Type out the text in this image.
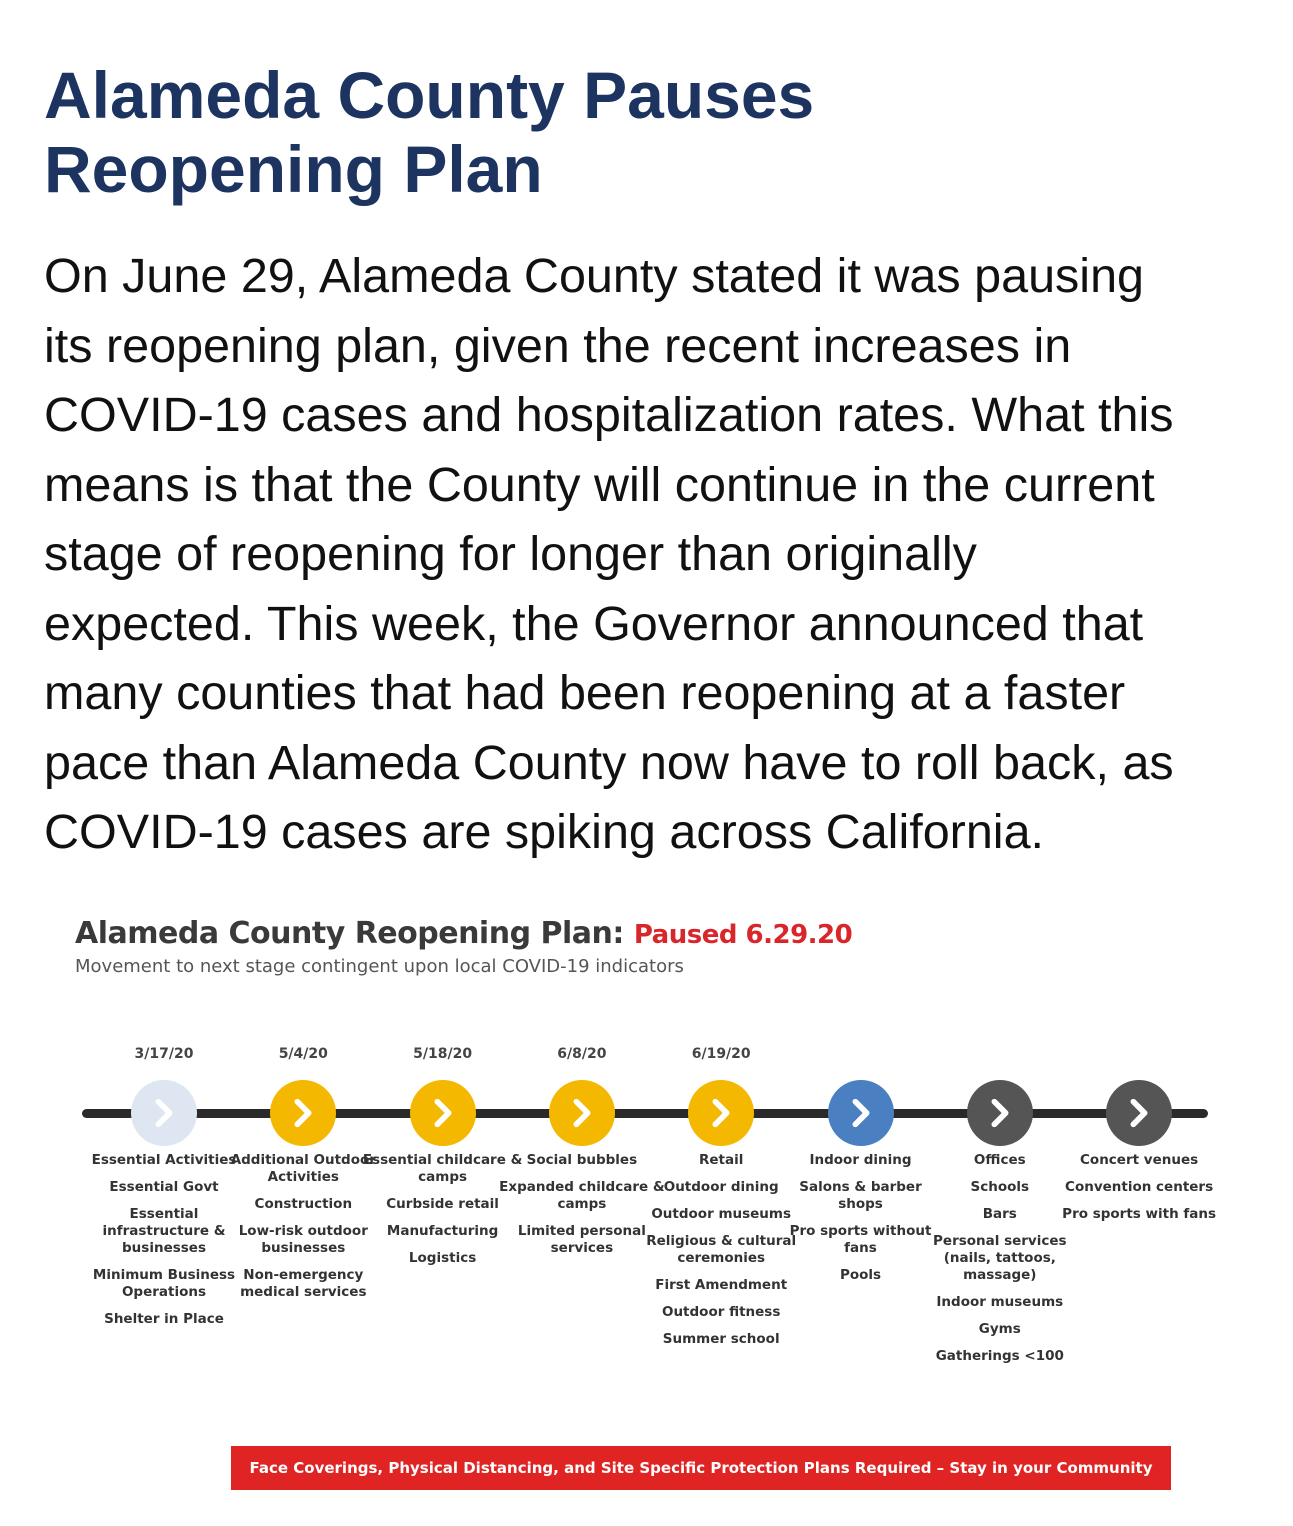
Alameda County Pauses
Reopening Plan
On June 29, Alameda County stated it was pausing
its reopening plan, given the recent increases in
COVID-19 cases and hospitalization rates. What this
means is that the County will continue in the current
stage of reopening for longer than originally
expected. This week, the Governor announced that
many counties that had been reopening at a faster
pace than Alameda County now have to roll back, as
COVID-19 cases are spiking across California.
Alameda County Reopening Plan: Paused 6.29.20
Movement to next stage contingent upon local COVID-19 indicators
3/17/20
Essential Activities
Essential Govt
Essential infrastructure & businesses
Minimum Business Operations
Shelter in Place
5/4/20
Additional Outdoor Activities
Construction
Low-risk outdoor businesses
Non-emergency medical services
5/18/20
Essential childcare & camps
Curbside retail
Manufacturing
Logistics
6/8/20
Social bubbles
Expanded childcare & camps
Limited personal services
6/19/20
Retail
Outdoor dining
Outdoor museums
Religious & cultural ceremonies
First Amendment
Outdoor fitness
Summer school
Indoor dining
Salons & barber shops
Pro sports without fans
Pools
Offices
Schools
Bars
Personal services (nails, tattoos, massage)
Indoor museums
Gyms
Gatherings <100
Concert venues
Convention centers
Pro sports with fans
Face Coverings, Physical Distancing, and Site Specific Protection Plans Required – Stay in your Community
